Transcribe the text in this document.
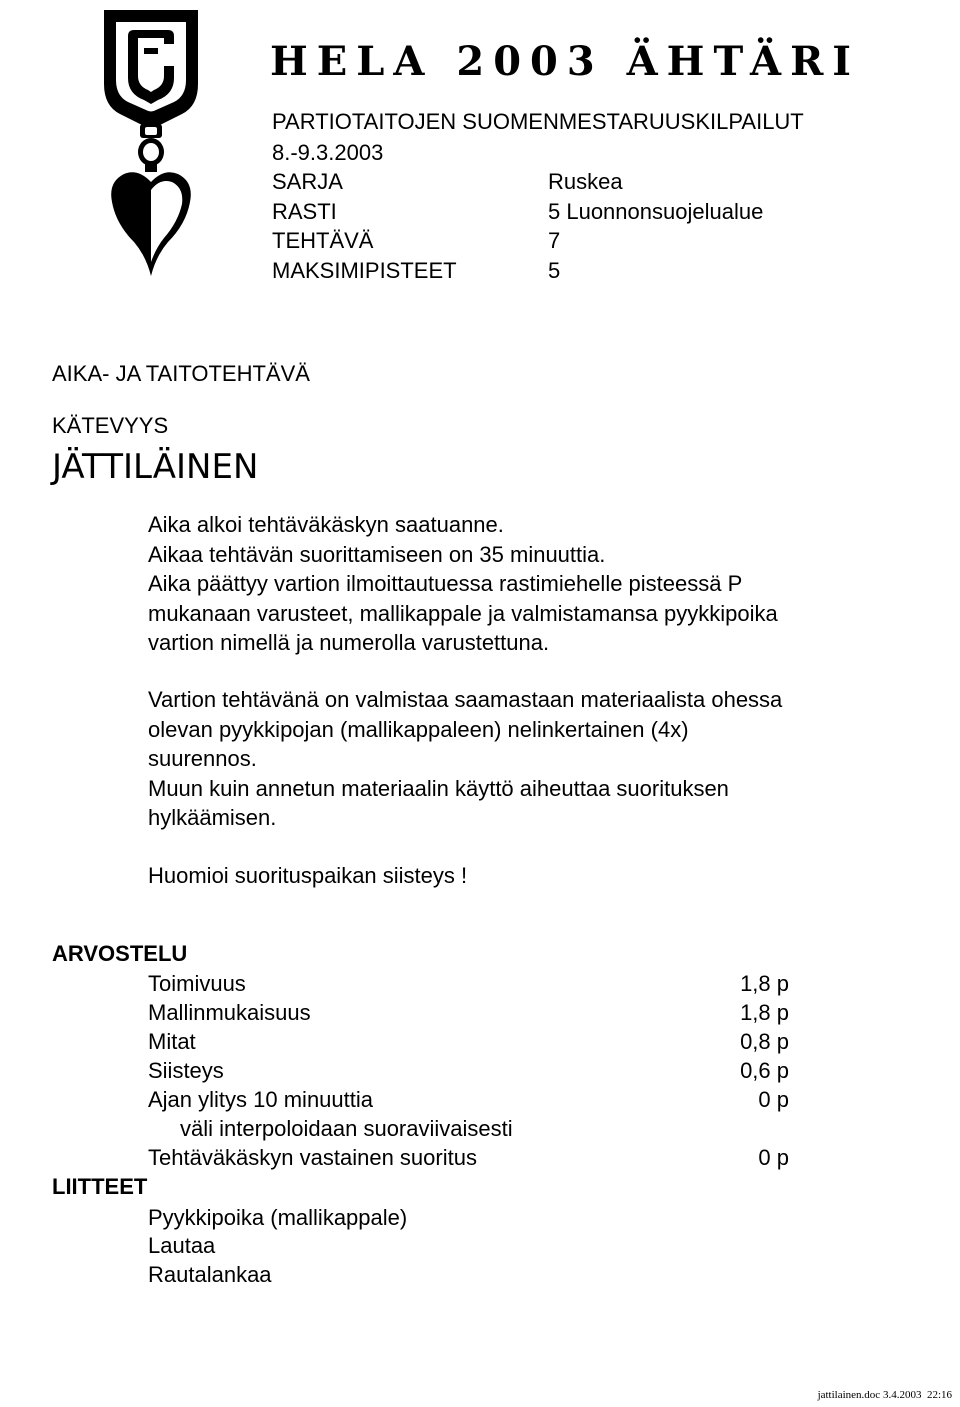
HELA 2003 ÄHTÄRI
PARTIOTAITOJEN SUOMENMESTARUUSKILPAILUT
8.-9.3.2003
SARJA	Ruskea
RASTI	5 Luonnonsuojelualue
TEHTÄVÄ	7
MAKSIMIPISTEET	5
AIKA- JA TAITOTEHTÄVÄ
KÄTEVYYS
JÄTTILÄINEN
Aika alkoi tehtäväkäskyn saatuanne.
Aikaa tehtävän suorittamiseen on 35 minuuttia.
Aika päättyy vartion ilmoittautuessa rastimiehelle pisteessä P
mukanaan varusteet, mallikappale ja valmistamansa pyykkipoika
vartion nimellä ja numerolla varustettuna.
Vartion tehtävänä on valmistaa saamastaan materiaalista ohessa
olevan pyykkipojan (mallikappaleen) nelinkertainen (4x)
suurennos.
Muun kuin annetun materiaalin käyttö aiheuttaa suorituksen
hylkäämisen.
Huomioi suorituspaikan siisteys !
ARVOSTELU
Toimivuus	1,8 p
Mallinmukaisuus	1,8 p
Mitat	0,8 p
Siisteys	0,6 p
Ajan ylitys 10 minuuttia	0 p
väli interpoloidaan suoraviivaisesti
Tehtäväkäskyn vastainen suoritus	0 p
LIITTEET
Pyykkipoika (mallikappale)
Lautaa
Rautalankaa
jattilainen.doc 3.4.2003  22:16
